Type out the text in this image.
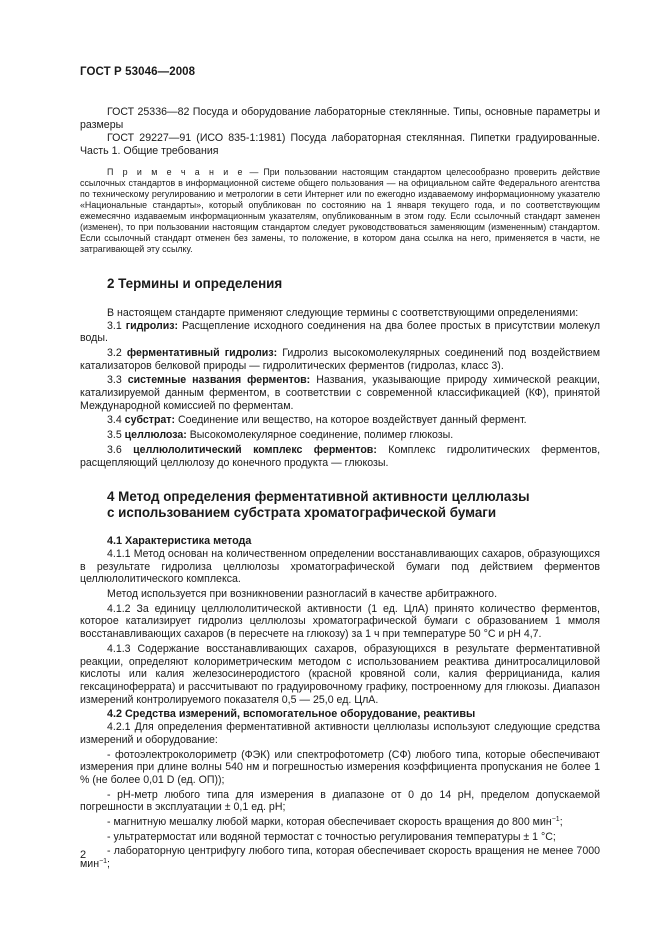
ГОСТ Р 53046—2008

ГОСТ 25336—82 Посуда и оборудование лабораторные стеклянные. Типы, основные параметры и размеры

ГОСТ 29227—91 (ИСО 835-1:1981) Посуда лабораторная стеклянная. Пипетки градуированные. Часть 1. Общие требования

П р и м е ч а н и е — При пользовании настоящим стандартом целесообразно проверить действие ссылочных стандартов в информационной системе общего пользования — на официальном сайте Федерального агентства по техническому регулированию и метрологии в сети Интернет или по ежегодно издаваемому информационному указателю «Национальные стандарты», который опубликован по состоянию на 1 января текущего года, и по соответствующим ежемесячно издаваемым информационным указателям, опубликованным в этом году. Если ссылочный стандарт заменен (изменен), то при пользовании настоящим стандартом следует руководствоваться заменяющим (измененным) стандартом. Если ссылочный стандарт отменен без замены, то положение, в котором дана ссылка на него, применяется в части, не затрагивающей эту ссылку.

2 Термины и определения

В настоящем стандарте применяют следующие термины с соответствующими определениями:

3.1 гидролиз: Расщепление исходного соединения на два более простых в присутствии молекул воды.

3.2 ферментативный гидролиз: Гидролиз высокомолекулярных соединений под воздействием катализаторов белковой природы — гидролитических ферментов (гидролаз, класс 3).

3.3 системные названия ферментов: Названия, указывающие природу химической реакции, катализируемой данным ферментом, в соответствии с современной классификацией (КФ), принятой Международной комиссией по ферментам.

3.4 субстрат: Соединение или вещество, на которое воздействует данный фермент.

3.5 целлюлоза: Высокомолекулярное соединение, полимер глюкозы.

3.6 целлюлолитический комплекс ферментов: Комплекс гидролитических ферментов, расщепляющий целлюлозу до конечного продукта — глюкозы.

4 Метод определения ферментативной активности целлюлазы
с использованием субстрата хроматографической бумаги
4.1 Характеристика метода

4.1.1 Метод основан на количественном определении восстанавливающих сахаров, образующихся в результате гидролиза целлюлозы хроматографической бумаги под действием ферментов целлюлолитического комплекса.

Метод используется при возникновении разногласий в качестве арбитражного.

4.1.2 За единицу целлюлолитической активности (1 ед. ЦлА) принято количество ферментов, которое катализирует гидролиз целлюлозы хроматографической бумаги с образованием 1 ммоля восстанавливающих сахаров (в пересчете на глюкозу) за 1 ч при температуре 50 °С и рН 4,7.

4.1.3 Содержание восстанавливающих сахаров, образующихся в результате ферментативной реакции, определяют колориметрическим методом с использованием реактива динитросалициловой кислоты или калия железосинеродистого (красной кровяной соли, калия феррицианида, калия гексациноферрата) и рассчитывают по градуировочному графику, построенному для глюкозы. Диапазон измерений контролируемого показателя 0,5 — 25,0 ед. ЦлА.

4.2 Средства измерений, вспомогательное оборудование, реактивы

4.2.1 Для определения ферментативной активности целлюлазы используют следующие средства измерений и оборудование:

- фотоэлектроколориметр (ФЭК) или спектрофотометр (СФ) любого типа, которые обеспечивают измерения при длине волны 540 нм и погрешностью измерения коэффициента пропускания не более 1 % (не более 0,01 D (ед. ОП));

- рН-метр любого типа для измерения в диапазоне от 0 до 14 рН, пределом допускаемой погрешности в эксплуатации ± 0,1 ед. рН;

- магнитную мешалку любой марки, которая обеспечивает скорость вращения до 800 мин$^{-1}$;

- ультратермостат или водяной термостат с точностью регулирования температуры ± 1 °С;

- лабораторную центрифугу любого типа, которая обеспечивает скорость вращения не менее 7000 мин$^{-1}$;

2
